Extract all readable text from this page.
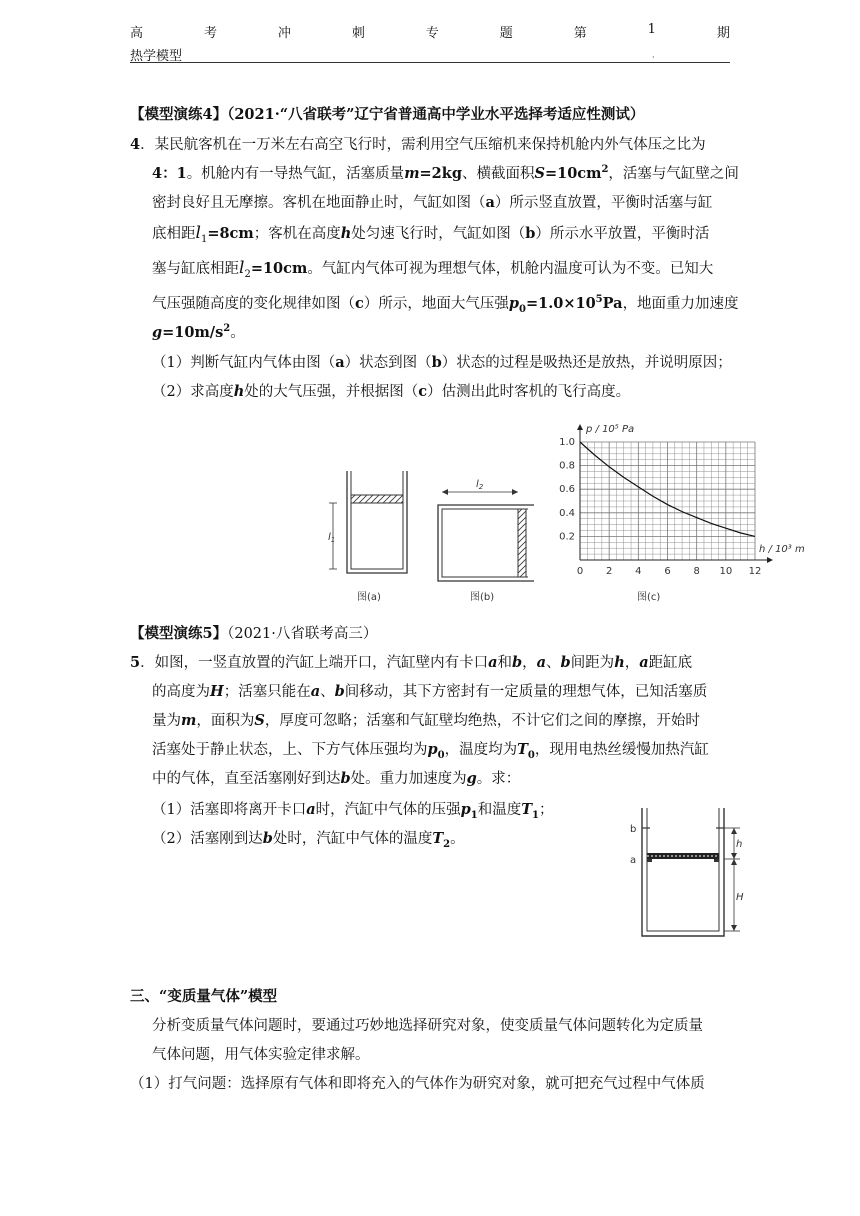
高	考	冲	刺	专	题	第	1	期
热学模型	·
【模型演练4】（2021·“八省联考”辽宁省普通高中学业水平选择考适应性测试）
4．某民航客机在一万米左右高空飞行时，需利用空气压缩机来保持机舱内外气体压之比为
4：1。机舱内有一导热气缸，活塞质量m=2kg、横截面积$S=10cm^2$，活塞与气缸壁之间
密封良好且无摩擦。客机在地面静止时，气缸如图（a）所示竖直放置，平衡时活塞与缸
底相距$l_1=8cm$；客机在高度h处匀速飞行时，气缸如图（b）所示水平放置，平衡时活
塞与缸底相距$l_2=10cm$。气缸内气体可视为理想气体，机舱内温度可认为不变。已知大
气压强随高度的变化规律如图（c）所示，地面大气压强$p_0=1.0\times 10^5Pa$，地面重力加速度
$g=10m/s^2$。
（1）判断气缸内气体由图（a）状态到图（b）状态的过程是吸热还是放热，并说明原因；
（2）求高度h处的大气压强，并根据图（c）估测出此时客机的飞行高度。
$l_1$
图(a)
$l_2$
图(b)
0 2 4 6 8 10 12
0.2
0.4
0.6
0.8
1.0
h / 10³ m
p / 10⁵ Pa
图(c)
【模型演练5】（2021·八省联考高三）
5．如图，一竖直放置的汽缸上端开口，汽缸壁内有卡口a和b，a、b间距为h，a距缸底
的高度为H；活塞只能在a、b间移动，其下方密封有一定质量的理想气体，已知活塞质
量为m，面积为S，厚度可忽略；活塞和气缸壁均绝热，不计它们之间的摩擦，开始时
活塞处于静止状态，上、下方气体压强均为$p_0$，温度均为$T_0$，现用电热丝缓慢加热汽缸
中的气体，直至活塞刚好到达b处。重力加速度为g。求：
（1）活塞即将离开卡口a时，汽缸中气体的压强$p_1$和温度$T_1$；
（2）活塞刚到达b处时，汽缸中气体的温度$T_2$。
b
a
h
H
三、“变质量气体”模型
分析变质量气体问题时，要通过巧妙地选择研究对象，使变质量气体问题转化为定质量
气体问题，用气体实验定律求解。
（1）打气问题：选择原有气体和即将充入的气体作为研究对象，就可把充气过程中气体质
